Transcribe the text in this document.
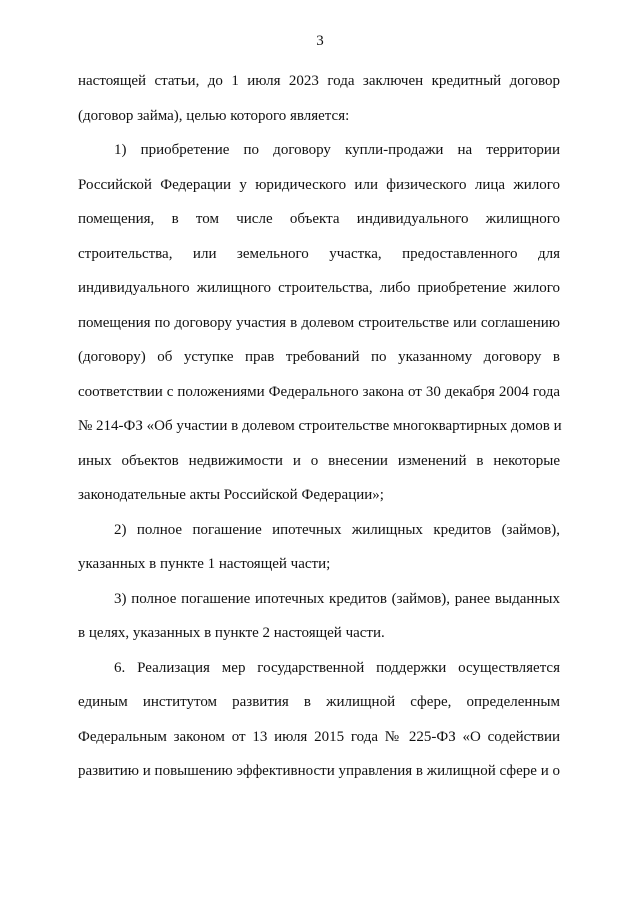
3
настоящей статьи, до 1 июля 2023 года заключен кредитный договор
(договор займа), целью которого является:
1) приобретение по договору купли-продажи на территории
Российской Федерации у юридического или физического лица жилого
помещения, в том числе объекта индивидуального жилищного
строительства, или земельного участка, предоставленного для
индивидуального жилищного строительства, либо приобретение жилого
помещения по договору участия в долевом строительстве или соглашению
(договору) об уступке прав требований по указанному договору в
соответствии с положениями Федерального закона от 30 декабря 2004 года
№ 214-ФЗ «Об участии в долевом строительстве многоквартирных домов и
иных объектов недвижимости и о внесении изменений в некоторые
законодательные акты Российской Федерации»;
2) полное погашение ипотечных жилищных кредитов (займов),
указанных в пункте 1 настоящей части;
3) полное погашение ипотечных кредитов (займов), ранее выданных
в целях, указанных в пункте 2 настоящей части.
6. Реализация мер государственной поддержки осуществляется
единым институтом развития в жилищной сфере, определенным
Федеральным законом от 13 июля 2015 года № 225-ФЗ «О содействии
развитию и повышению эффективности управления в жилищной сфере и о
